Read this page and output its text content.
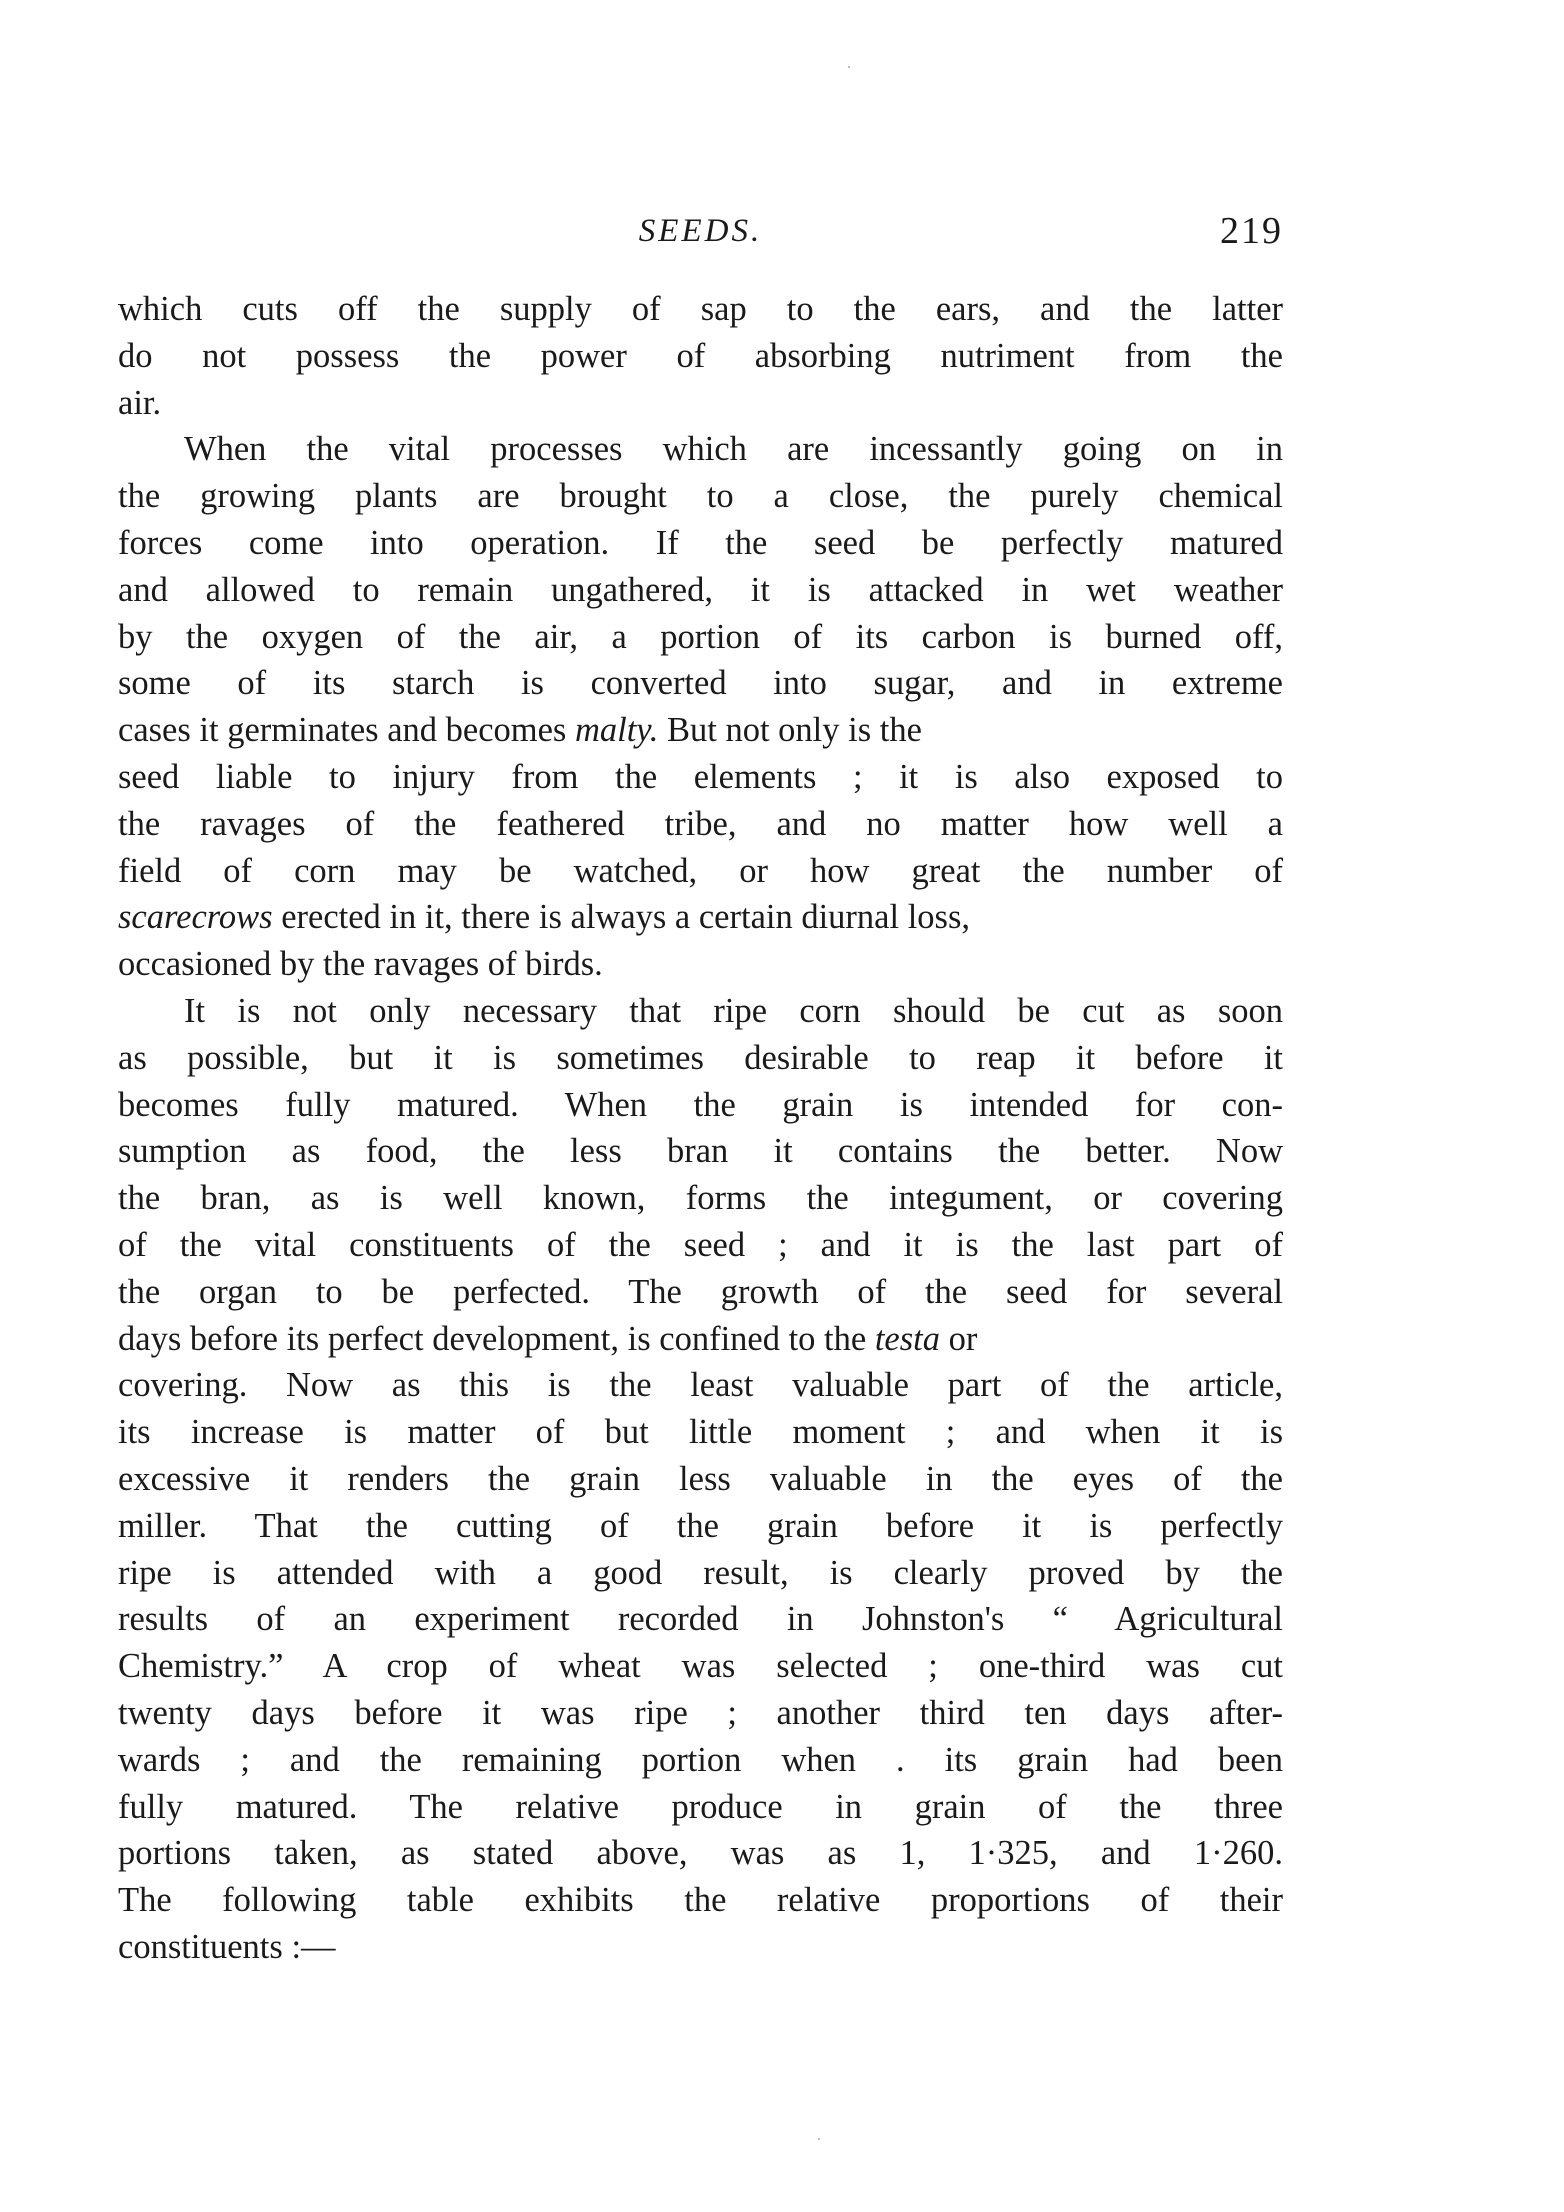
SEEDS.	219
which cuts off the supply of sap to the ears, and the latter
do not possess the power of absorbing nutriment from the
air.
When the vital processes which are incessantly going on in
the growing plants are brought to a close, the purely chemical
forces come into operation. If the seed be perfectly matured
and allowed to remain ungathered, it is attacked in wet weather
by the oxygen of the air, a portion of its carbon is burned off,
some of its starch is converted into sugar, and in extreme
cases it germinates and becomes malty. But not only is the
seed liable to injury from the elements ; it is also exposed to
the ravages of the feathered tribe, and no matter how well a
field of corn may be watched, or how great the number of
scarecrows erected in it, there is always a certain diurnal loss,
occasioned by the ravages of birds.
It is not only necessary that ripe corn should be cut as soon
as possible, but it is sometimes desirable to reap it before it
becomes fully matured. When the grain is intended for con-
sumption as food, the less bran it contains the better. Now
the bran, as is well known, forms the integument, or covering
of the vital constituents of the seed ; and it is the last part of
the organ to be perfected. The growth of the seed for several
days before its perfect development, is confined to the testa or
covering. Now as this is the least valuable part of the article,
its increase is matter of but little moment ; and when it is
excessive it renders the grain less valuable in the eyes of the
miller. That the cutting of the grain before it is perfectly
ripe is attended with a good result, is clearly proved by the
results of an experiment recorded in Johnston's “ Agricultural
Chemistry.” A crop of wheat was selected ; one-third was cut
twenty days before it was ripe ; another third ten days after-
wards ; and the remaining portion when . its grain had been
fully matured. The relative produce in grain of the three
portions taken, as stated above, was as 1, 1·325, and 1·260.
The following table exhibits the relative proportions of their
constituents :—
